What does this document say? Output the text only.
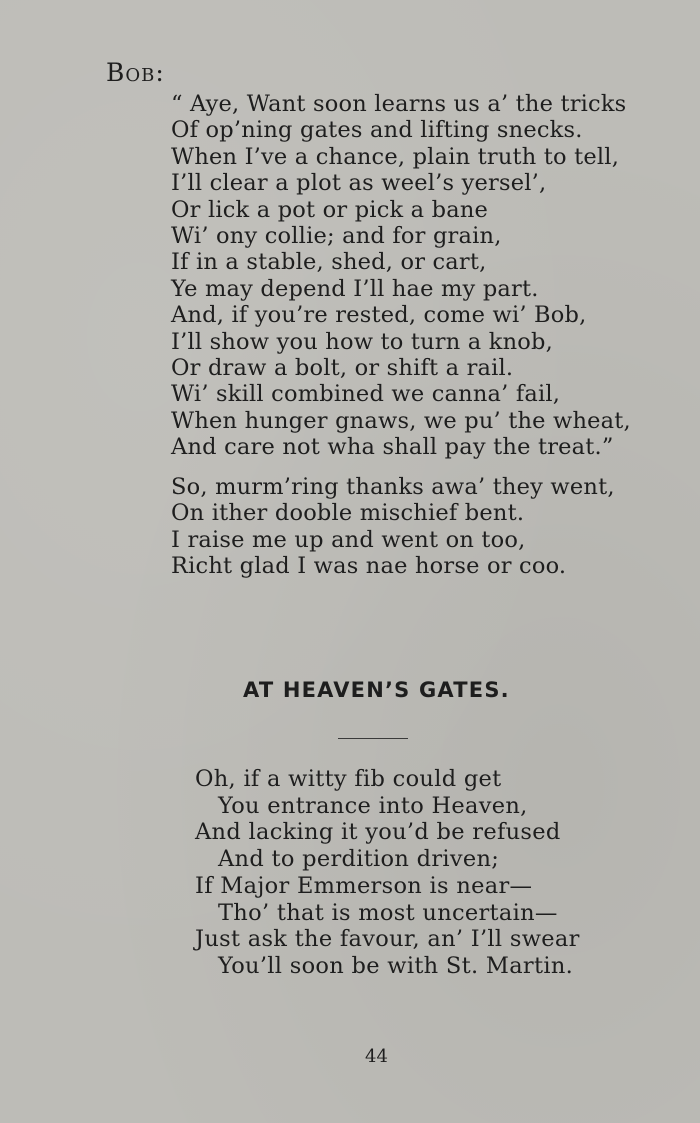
Bob:
“ Aye, Want soon learns us a’ the tricks
Of op’ning gates and lifting snecks.
When I’ve a chance, plain truth to tell,
I’ll clear a plot as weel’s yersel’,
Or lick a pot or pick a bane
Wi’ ony collie; and for grain,
If in a stable, shed, or cart,
Ye may depend I’ll hae my part.
And, if you’re rested, come wi’ Bob,
I’ll show you how to turn a knob,
Or draw a bolt, or shift a rail.
Wi’ skill combined we canna’ fail,
When hunger gnaws, we pu’ the wheat,
And care not wha shall pay the treat.”
So, murm’ring thanks awa’ they went,
On ither dooble mischief bent.
I raise me up and went on too,
Richt glad I was nae horse or coo.
AT HEAVEN’S GATES.
Oh, if a witty fib could get
You entrance into Heaven,
And lacking it you’d be refused
And to perdition driven;
If Major Emmerson is near—
Tho’ that is most uncertain—
Just ask the favour, an’ I’ll swear
You’ll soon be with St. Martin.
44
